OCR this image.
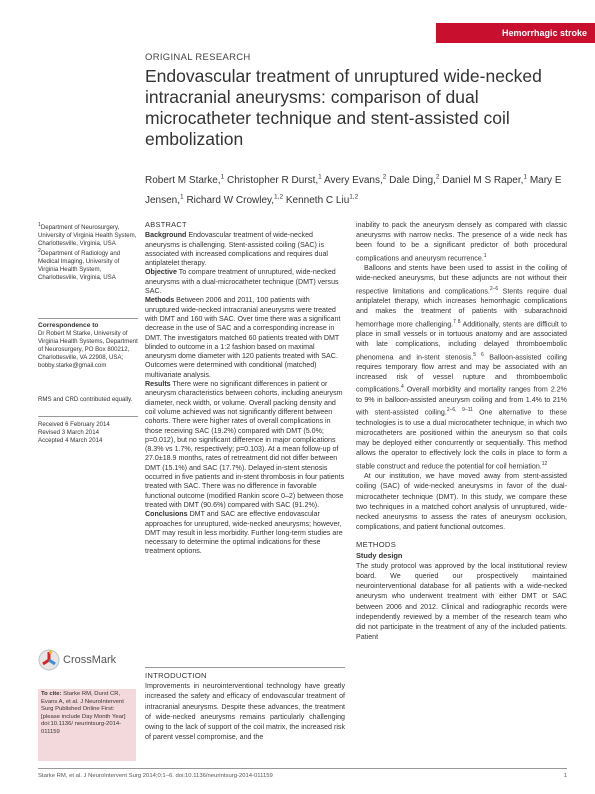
Hemorrhagic stroke
ORIGINAL RESEARCH
Endovascular treatment of unruptured wide-necked intracranial aneurysms: comparison of dual microcatheter technique and stent-assisted coil embolization
Robert M Starke,$^1$ Christopher R Durst,$^1$ Avery Evans,$^2$ Dale Ding,$^2$ Daniel M S Raper,$^1$ Mary E Jensen,$^1$ Richard W Crowley,$^{1,2}$ Kenneth C Liu$^{1,2}$
$^1$Department of Neurosurgery, University of Virginia Health System, Charlottesville, Virginia, USA
$^2$Department of Radiology and Medical Imaging, University of Virginia Health System, Charlottesville, Virginia, USA
Correspondence to
Dr Robert M Starke, University of Virginia Health Systems, Department of Neurosurgery, PO Box 800212, Charlottesville, VA 22908, USA; bobby.starke@gmail.com
RMS and CRD contributed equally.
Received 6 February 2014
Revised 3 March 2014
Accepted 4 March 2014
ABSTRACT

Background Endovascular treatment of wide-necked aneurysms is challenging. Stent-assisted coiling (SAC) is associated with increased complications and requires dual antiplatelet therapy.

Objective To compare treatment of unruptured, wide-necked aneurysms with a dual-microcatheter technique (DMT) versus SAC.

Methods Between 2006 and 2011, 100 patients with unruptured wide-necked intracranial aneurysms were treated with DMT and 160 with SAC. Over time there was a significant decrease in the use of SAC and a corresponding increase in DMT. The investigators matched 60 patients treated with DMT blinded to outcome in a 1:2 fashion based on maximal aneurysm dome diameter with 120 patients treated with SAC. Outcomes were determined with conditional (matched) multivariate analysis.

Results There were no significant differences in patient or aneurysm characteristics between cohorts, including aneurysm diameter, neck width, or volume. Overall packing density and coil volume achieved was not significantly different between cohorts. There were higher rates of overall complications in those receiving SAC (19.2%) compared with DMT (5.0%; p=0.012), but no significant difference in major complications (8.3% vs 1.7%, respectively; p=0.103). At a mean follow-up of 27.0±18.9 months, rates of retreatment did not differ between DMT (15.1%) and SAC (17.7%). Delayed in-stent stenosis occurred in five patients and in-stent thrombosis in four patients treated with SAC. There was no difference in favorable functional outcome (modified Rankin score 0–2) between those treated with DMT (90.6%) compared with SAC (91.2%).

Conclusions DMT and SAC are effective endovascular approaches for unruptured, wide-necked aneurysms; however, DMT may result in less morbidity. Further long-term studies are necessary to determine the optimal indications for these treatment options.

inability to pack the aneurysm densely as compared with classic aneurysms with narrow necks. The presence of a wide neck has been found to be a significant predictor of both procedural complications and aneurysm recurrence.$^1$

Balloons and stents have been used to assist in the coiling of wide-necked aneurysms, but these adjuncts are not without their respective limitations and complications.$^{2-6}$ Stents require dual antiplatelet therapy, which increases hemorrhagic complications and makes the treatment of patients with subarachnoid hemorrhage more challenging.$^{7 8}$ Additionally, stents are difficult to place in small vessels or in tortuous anatomy and are associated with late complications, including delayed thromboembolic phenomena and in-stent stenosis.$^{5 6}$ Balloon-assisted coiling requires temporary flow arrest and may be associated with an increased risk of vessel rupture and thromboembolic complications.$^4$ Overall morbidity and mortality ranges from 2.2% to 9% in balloon-assisted aneurysm coiling and from 1.4% to 21% with stent-assisted coiling.$^{2-6, 9-11}$ One alternative to these technologies is to use a dual microcatheter technique, in which two microcatheters are positioned within the aneurysm so that coils may be deployed either concurrently or sequentially. This method allows the operator to effectively lock the coils in place to form a stable construct and reduce the potential for coil herniation.$^{12}$

At our institution, we have moved away from stent-assisted coiling (SAC) of wide-necked aneurysms in favor of the dual-microcatheter technique (DMT). In this study, we compare these two techniques in a matched cohort analysis of unruptured, wide-necked aneurysms to assess the rates of aneurysm occlusion, complications, and patient functional outcomes.

METHODS
Study design

The study protocol was approved by the local institutional review board. We queried our prospectively maintained neurointerventional database for all patients with a wide-necked aneurysm who underwent treatment with either DMT or SAC between 2006 and 2012. Clinical and radiographic records were independently reviewed by a member of the research team who did not participate in the treatment of any of the included patients. Patient

CrossMark
INTRODUCTION
Improvements in neurointerventional technology have greatly increased the safety and efficacy of endovascular treatment of intracranial aneurysms. Despite these advances, the treatment of wide-necked aneurysms remains particularly challenging owing to the lack of support of the coil matrix, the increased risk of parent vessel compromise, and the
To cite: Starke RM, Durst CR, Evans A, et al. J NeuroIntervent Surg Published Online First: [please include Day Month Year] doi:10.1136/ neurintsurg-2014-011159
Starke RM, et al. J NeuroIntervent Surg 2014;0:1–6. doi:10.1136/neurintsurg-2014-011159	1
